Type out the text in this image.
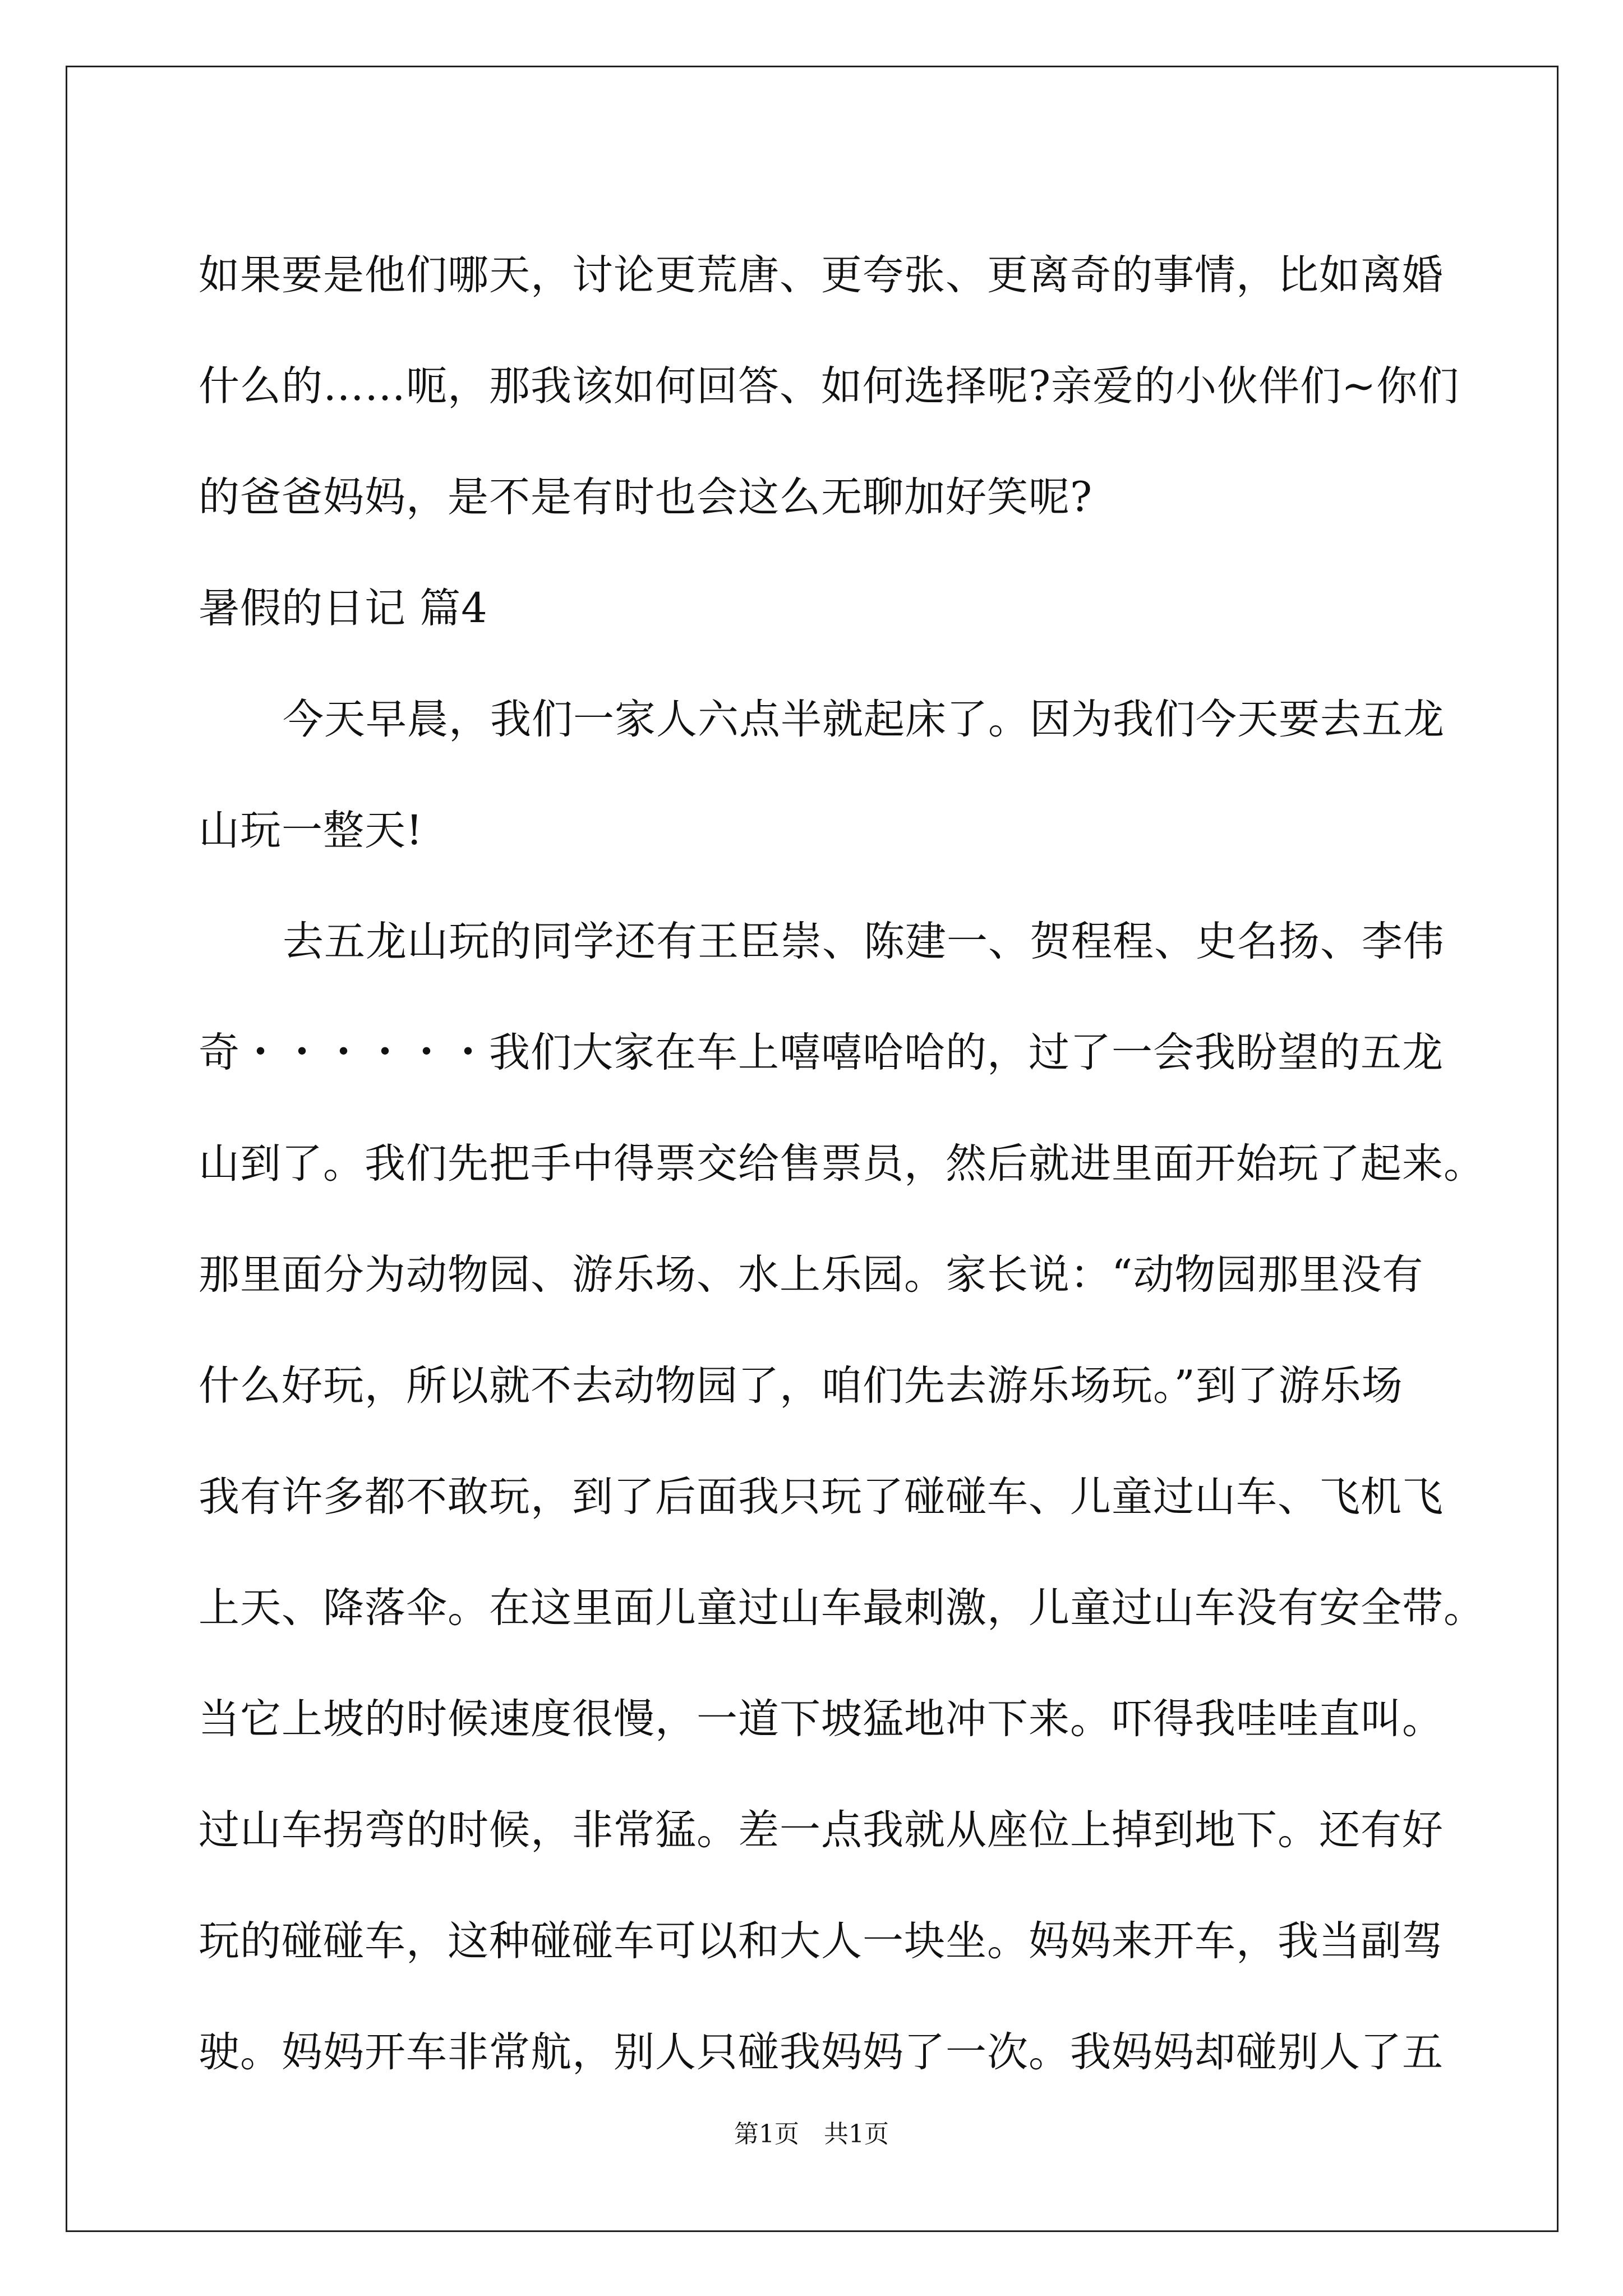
如果要是他们哪天，讨论更荒唐、更夸张、更离奇的事情，比如离婚
什么的……呃，那我该如何回答、如何选择呢?亲爱的小伙伴们~你们
的爸爸妈妈，是不是有时也会这么无聊加好笑呢?
暑假的日记 篇4
今天早晨，我们一家人六点半就起床了。因为我们今天要去五龙
山玩一整天!
去五龙山玩的同学还有王臣崇、陈建一、贺程程、史名扬、李伟
奇・・・・・・我们大家在车上嘻嘻哈哈的，过了一会我盼望的五龙
山到了。我们先把手中得票交给售票员，然后就进里面开始玩了起来。
那里面分为动物园、游乐场、水上乐园。家长说：“动物园那里没有
什么好玩，所以就不去动物园了，咱们先去游乐场玩。”到了游乐场
我有许多都不敢玩，到了后面我只玩了碰碰车、儿童过山车、飞机飞
上天、降落伞。在这里面儿童过山车最刺激，儿童过山车没有安全带。
当它上坡的时候速度很慢，一道下坡猛地冲下来。吓得我哇哇直叫。
过山车拐弯的时候，非常猛。差一点我就从座位上掉到地下。还有好
玩的碰碰车，这种碰碰车可以和大人一块坐。妈妈来开车，我当副驾
驶。妈妈开车非常航，别人只碰我妈妈了一次。我妈妈却碰别人了五
第1页　共1页
